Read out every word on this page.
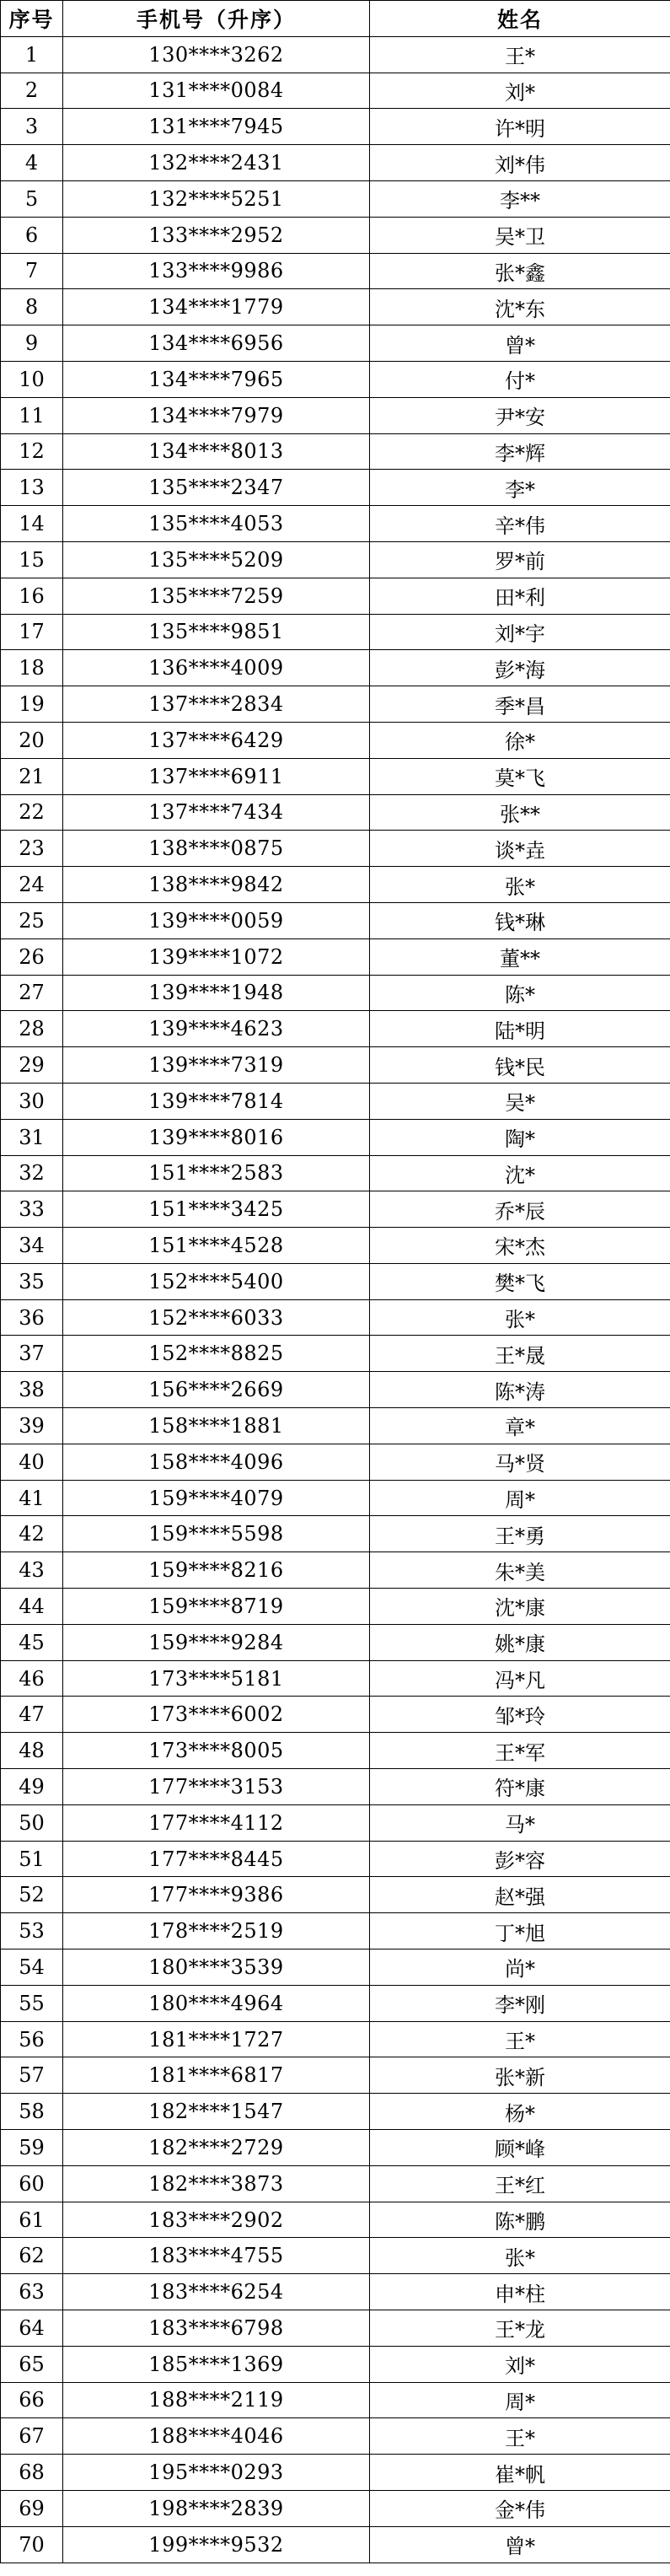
序号	手机号（升序）	姓名
1	130****3262	王*
2	131****0084	刘*
3	131****7945	许*明
4	132****2431	刘*伟
5	132****5251	李**
6	133****2952	吴*卫
7	133****9986	张*鑫
8	134****1779	沈*东
9	134****6956	曾*
10	134****7965	付*
11	134****7979	尹*安
12	134****8013	李*辉
13	135****2347	李*
14	135****4053	辛*伟
15	135****5209	罗*前
16	135****7259	田*利
17	135****9851	刘*宇
18	136****4009	彭*海
19	137****2834	季*昌
20	137****6429	徐*
21	137****6911	莫*飞
22	137****7434	张**
23	138****0875	谈*垚
24	138****9842	张*
25	139****0059	钱*琳
26	139****1072	董**
27	139****1948	陈*
28	139****4623	陆*明
29	139****7319	钱*民
30	139****7814	吴*
31	139****8016	陶*
32	151****2583	沈*
33	151****3425	乔*辰
34	151****4528	宋*杰
35	152****5400	樊*飞
36	152****6033	张*
37	152****8825	王*晟
38	156****2669	陈*涛
39	158****1881	章*
40	158****4096	马*贤
41	159****4079	周*
42	159****5598	王*勇
43	159****8216	朱*美
44	159****8719	沈*康
45	159****9284	姚*康
46	173****5181	冯*凡
47	173****6002	邹*玲
48	173****8005	王*军
49	177****3153	符*康
50	177****4112	马*
51	177****8445	彭*容
52	177****9386	赵*强
53	178****2519	丁*旭
54	180****3539	尚*
55	180****4964	李*刚
56	181****1727	王*
57	181****6817	张*新
58	182****1547	杨*
59	182****2729	顾*峰
60	182****3873	王*红
61	183****2902	陈*鹏
62	183****4755	张*
63	183****6254	申*柱
64	183****6798	王*龙
65	185****1369	刘*
66	188****2119	周*
67	188****4046	王*
68	195****0293	崔*帆
69	198****2839	金*伟
70	199****9532	曾*
